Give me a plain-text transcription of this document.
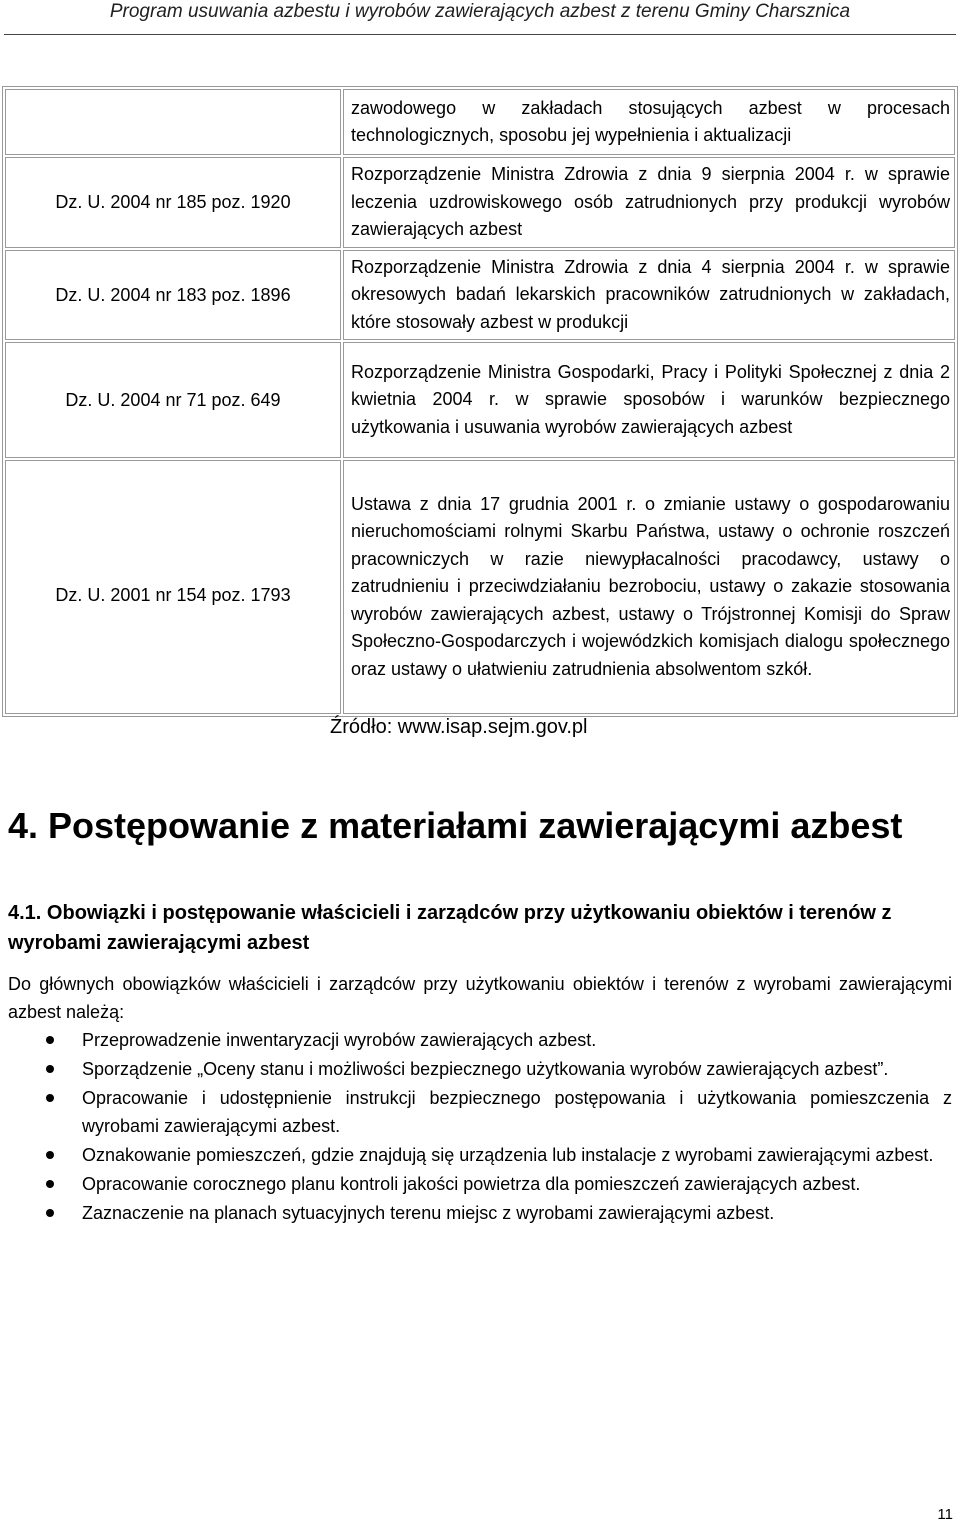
Program usuwania azbestu i wyrobów zawierających azbest z terenu Gminy Charsznica
	zawodowego w zakładach stosujących azbest w procesach technologicznych, sposobu jej wypełnienia i aktualizacji
Dz. U. 2004 nr 185 poz. 1920	Rozporządzenie Ministra Zdrowia z dnia 9 sierpnia 2004 r. w sprawie leczenia uzdrowiskowego osób zatrudnionych przy produkcji wyrobów zawierających azbest
Dz. U. 2004 nr 183 poz. 1896	Rozporządzenie Ministra Zdrowia z dnia 4 sierpnia 2004 r. w sprawie okresowych badań lekarskich pracowników zatrudnionych w zakładach, które stosowały azbest w produkcji
Dz. U. 2004 nr 71 poz. 649	Rozporządzenie Ministra Gospodarki, Pracy i Polityki Społecznej z dnia 2 kwietnia 2004 r. w sprawie sposobów i warunków bezpiecznego użytkowania i usuwania wyrobów zawierających azbest
Dz. U. 2001 nr 154 poz. 1793	Ustawa z dnia 17 grudnia 2001 r. o zmianie ustawy o gospodarowaniu nieruchomościami rolnymi Skarbu Państwa, ustawy o ochronie roszczeń pracowniczych w razie niewypłacalności pracodawcy, ustawy o zatrudnieniu i przeciwdziałaniu bezrobociu, ustawy o zakazie stosowania wyrobów zawierających azbest, ustawy o Trójstronnej Komisji do Spraw Społeczno-Gospodarczych i wojewódzkich komisjach dialogu społecznego oraz ustawy o ułatwieniu zatrudnienia absolwentom szkół.
Źródło: www.isap.sejm.gov.pl
4. Postępowanie z materiałami zawierającymi azbest
4.1. Obowiązki i postępowanie właścicieli i zarządców przy użytkowaniu obiektów i terenów z wyrobami zawierającymi azbest
Do głównych obowiązków właścicieli i zarządców przy użytkowaniu obiektów i terenów z wyrobami zawierającymi azbest należą:
Przeprowadzenie inwentaryzacji wyrobów zawierających azbest.
Sporządzenie „Oceny stanu i możliwości bezpiecznego użytkowania wyrobów zawierających azbest”.
Opracowanie i udostępnienie instrukcji bezpiecznego postępowania i użytkowania pomieszczenia z wyrobami zawierającymi azbest.
Oznakowanie pomieszczeń, gdzie znajdują się urządzenia lub instalacje z wyrobami zawierającymi azbest.
Opracowanie corocznego planu kontroli jakości powietrza dla pomieszczeń zawierających azbest.
Zaznaczenie na planach sytuacyjnych terenu miejsc z wyrobami zawierającymi azbest.
11
